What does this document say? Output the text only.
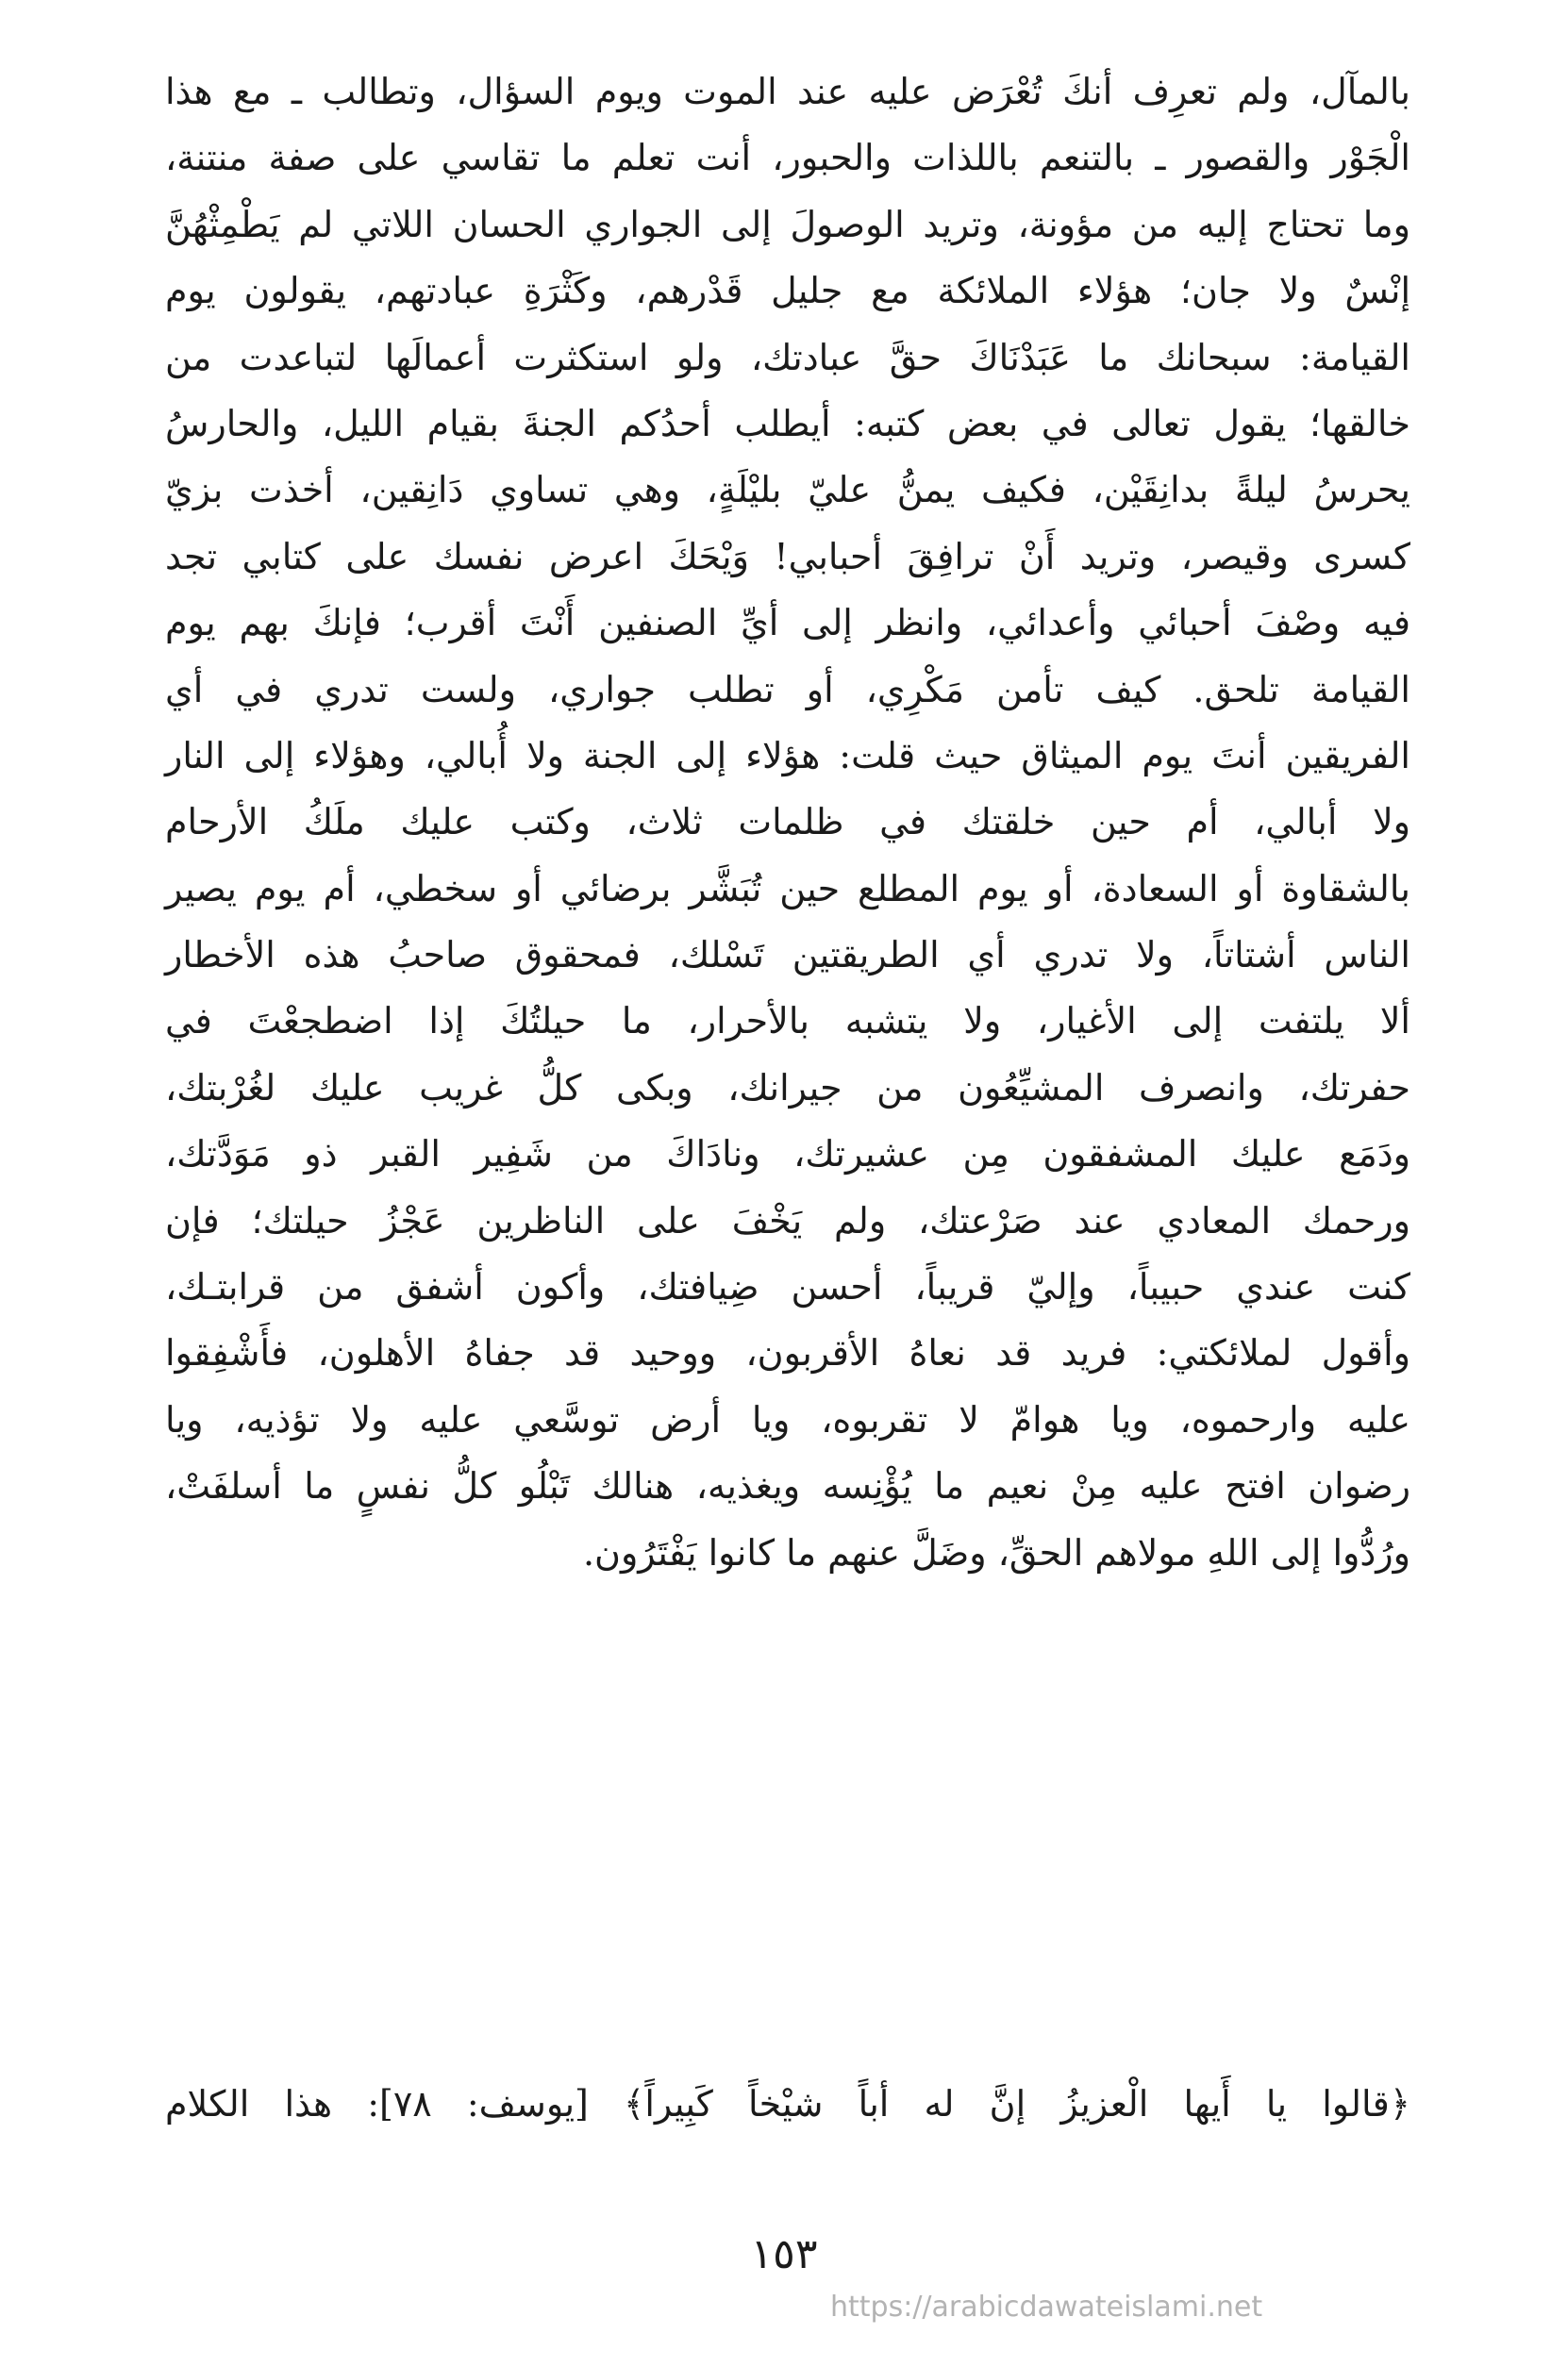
بالمآل، ولم تعرِف أنكَ تُعْرَض عليه عند الموت ويوم السؤال، وتطالب ـ مع هذا
الْجَوْر والقصور ـ بالتنعم باللذات والحبور، أنت تعلم ما تقاسي على صفة منتنة،
وما تحتاج إليه من مؤونة، وتريد الوصولَ إلى الجواري الحسان اللاتي لم يَطْمِثْهُنَّ
إنْسٌ ولا جان؛ هؤلاء الملائكة مع جليل قَدْرهم، وكَثْرَةِ عبادتهم، يقولون يوم
القيامة: سبحانك ما عَبَدْنَاكَ حقَّ عبادتك، ولو استكثرت أعمالَها لتباعدت من
خالقها؛ يقول تعالى في بعض كتبه: أيطلب أحدُكم الجنةَ بقيام الليل، والحارسُ
يحرسُ ليلةً بدانِقَيْن، فكيف يمنُّ عليّ بليْلَةٍ، وهي تساوي دَانِقين، أخذت بزيّ
كسرى وقيصر، وتريد أَنْ ترافِقَ أحبابي! وَيْحَكَ اعرض نفسك على كتابي تجد
فيه وصْفَ أحبائي وأعدائي، وانظر إلى أيِّ الصنفين أَنْتَ أقرب؛ فإنكَ بهم يوم
القيامة تلحق. كيف تأمن مَكْرِي، أو تطلب جواري، ولست تدري في أي
الفريقين أنتَ يوم الميثاق حيث قلت: هؤلاء إلى الجنة ولا أُبالي، وهؤلاء إلى النار
ولا أبالي، أم حين خلقتك في ظلمات ثلاث، وكتب عليك ملَكُ الأرحام
بالشقاوة أو السعادة، أو يوم المطلع حين تُبَشَّر برضائي أو سخطي، أم يوم يصير
الناس أشتاتاً، ولا تدري أي الطريقتين تَسْلك، فمحقوق صاحبُ هذه الأخطار
ألا يلتفت إلى الأغيار، ولا يتشبه بالأحرار، ما حيلتُكَ إذا اضطجعْتَ في
حفرتك، وانصرف المشيِّعُون من جيرانك، وبكى كلُّ غريب عليك لغُرْبتك،
ودَمَع عليك المشفقون مِن عشيرتك، ونادَاكَ من شَفِير القبر ذو مَوَدَّتك،
ورحمك المعادي عند صَرْعتك، ولم يَخْفَ على الناظرين عَجْزُ حيلتك؛ فإن
كنت عندي حبيباً، وإليّ قريباً، أحسن ضِيافتك، وأكون أشفق من قرابتـك،
وأقول لملائكتي: فريد قد نعاهُ الأقربون، ووحيد قد جفاهُ الأهلون، فأَشْفِقوا
عليه وارحموه، ويا هوامّ لا تقربوه، ويا أرض توسَّعي عليه ولا تؤذيه، ويا
رضوان افتح عليه مِنْ نعيم ما يُؤْنِسه ويغذيه، هنالك تَبْلُو كلُّ نفسٍ ما أسلفَتْ،
ورُدُّوا إلى اللهِ مولاهم الحقِّ، وضَلَّ عنهم ما كانوا يَفْتَرُون.
﴿قالوا يا أَيها الْعزيزُ إنَّ له أباً شيْخاً كَبِيراً﴾ [يوسف: ٧٨]: هذا الكلام
١٥٣
https://arabicdawateislami.net
